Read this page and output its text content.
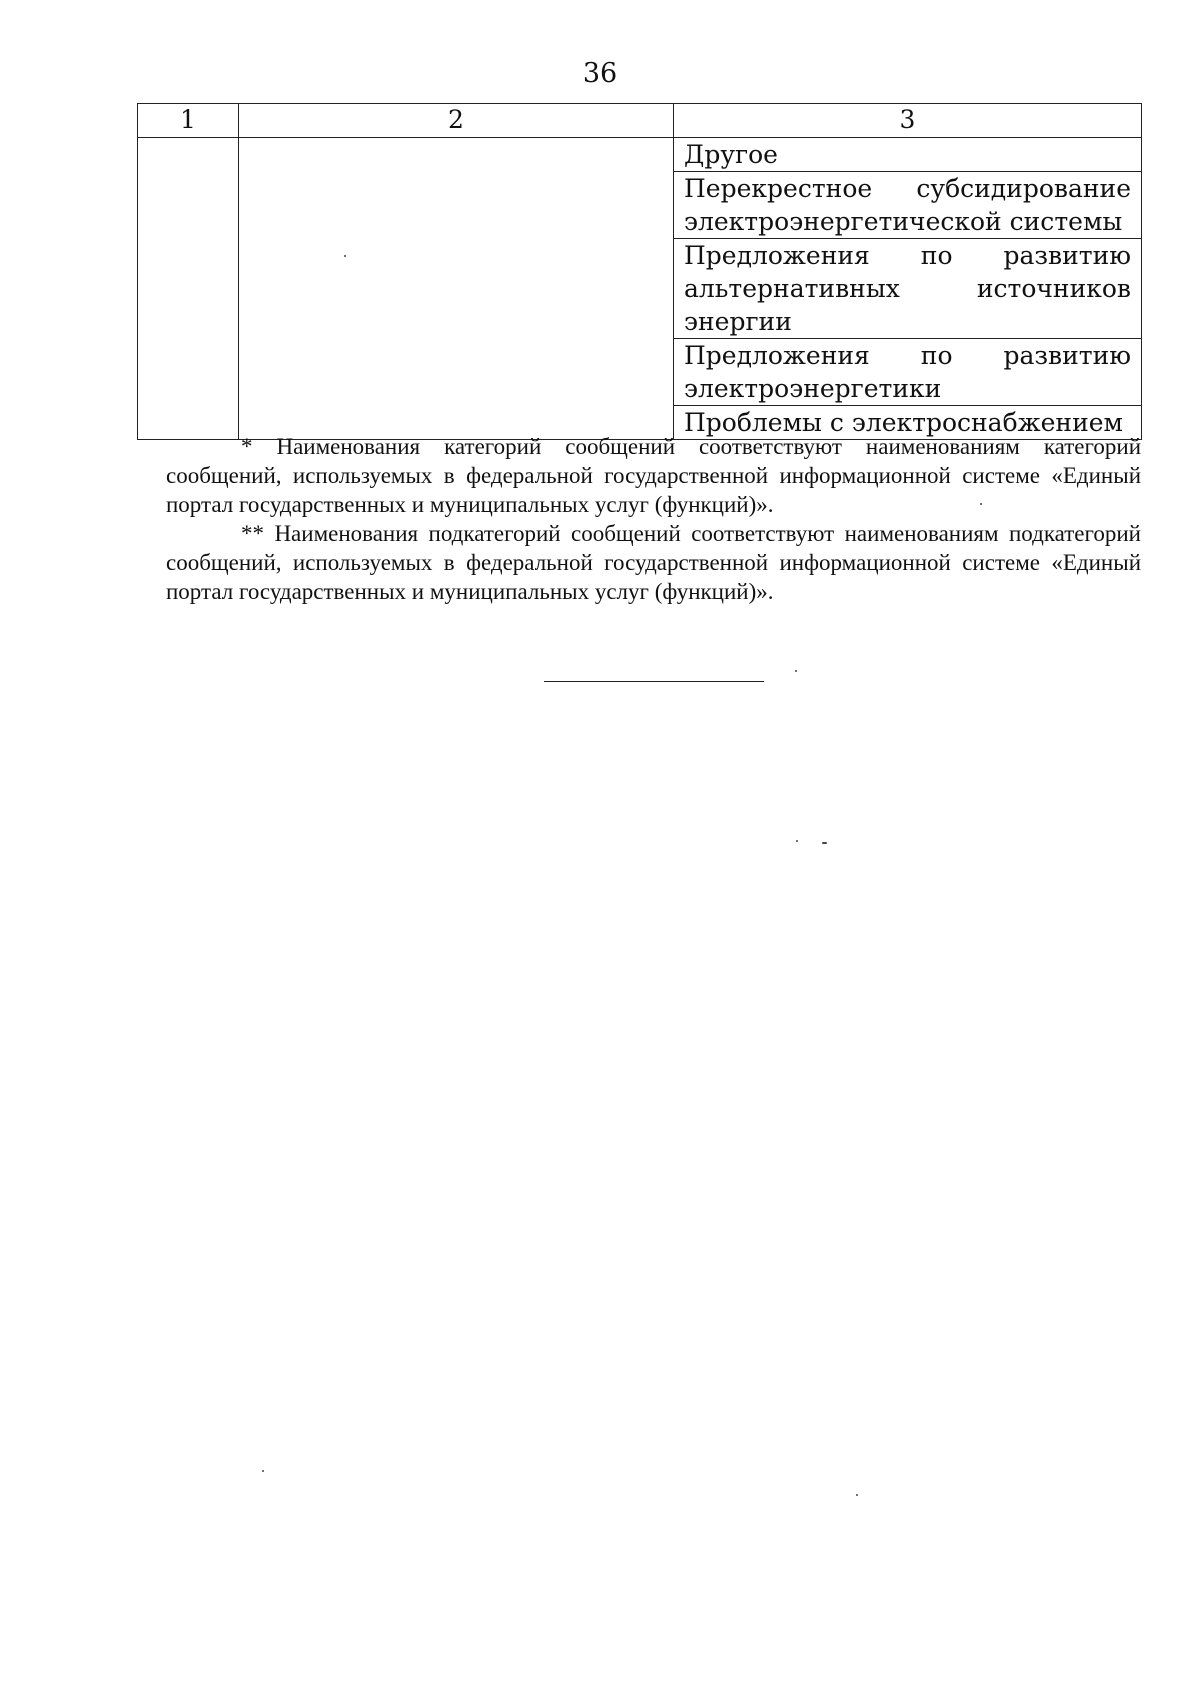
36
1	2	3
		Другое
		Перекрестное субсидирование электроэнергетической системы
		Предложения по развитию альтернативных источников энергии
		Предложения по развитию электроэнергетики
		Проблемы с электроснабжением

* Наименования категорий сообщений соответствуют наименованиям категорий сообщений, используемых в федеральной государственной информационной системе «Единый портал государственных и муниципальных услуг (функций)».

** Наименования подкатегорий сообщений соответствуют наименованиям подкатегорий сообщений, используемых в федеральной государственной информационной системе «Единый портал государственных и муниципальных услуг (функций)».
